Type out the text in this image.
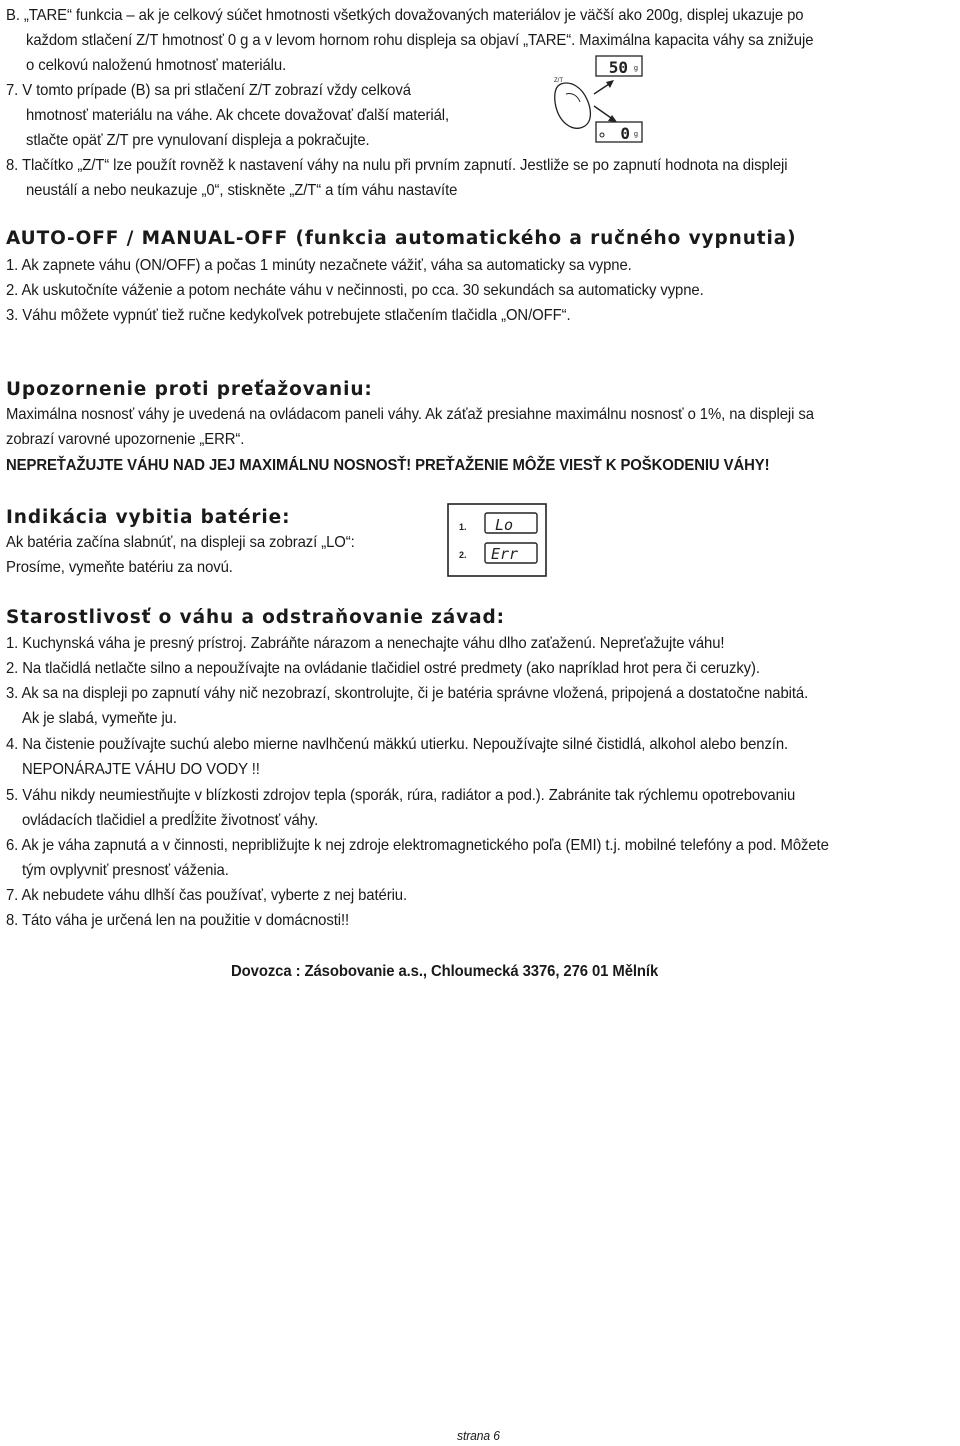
B. „TARE“ funkcia – ak je celkový súčet hmotnosti všetkých dovažovaných materiálov je väčší ako 200g, displej ukazuje po
každom stlačení Z/T hmotnosť 0 g a v levom hornom rohu displeja sa objaví „TARE“. Maximálna kapacita váhy sa znižuje
o celkovú naloženú hmotnosť materiálu.
7. V tomto prípade (B) sa pri stlačení Z/T zobrazí vždy celková
hmotnosť materiálu na váhe. Ak chcete dovažovať ďalší materiál,
stlačte opäť Z/T pre vynulovaní displeja a pokračujte.
8. Tlačítko „Z/T“ lze použít rovněž k nastavení váhy na nulu při prvním zapnutí. Jestliže se po zapnutí hodnota na displeji
neustálí a nebo neukazuje „0“, stiskněte „Z/T“ a tím váhu nastavíte
50 g
Z/T
0 g
AUTO-OFF / MANUAL-OFF (funkcia automatického a ručného vypnutia)
1. Ak zapnete váhu (ON/OFF) a počas 1 minúty nezačnete vážiť, váha sa automaticky sa vypne.
2. Ak uskutočníte váženie a potom necháte váhu v nečinnosti, po cca. 30 sekundách sa automaticky vypne.
3. Váhu môžete vypnúť tiež ručne kedykoľvek potrebujete stlačením tlačidla „ON/OFF“.
Upozornenie proti preťažovaniu:
Maximálna nosnosť váhy je uvedená na ovládacom paneli váhy. Ak záťaž presiahne maximálnu nosnosť o 1%, na displeji sa
zobrazí varovné upozornenie „ERR“.
NEPREŤAŽUJTE VÁHU NAD JEJ MAXIMÁLNU NOSNOSŤ! PREŤAŽENIE MÔŽE VIESŤ K POŠKODENIU VÁHY!
Indikácia vybitia batérie:
Ak batéria začína slabnúť, na displeji sa zobrazí „LO“:
Prosíme, vymeňte batériu za novú.
1. Lo
2. Err
Starostlivosť o váhu a odstraňovanie závad:
1. Kuchynská váha je presný prístroj. Zabráňte nárazom a nenechajte váhu dlho zaťaženú. Nepreťažujte váhu!
2. Na tlačidlá netlačte silno a nepoužívajte na ovládanie tlačidiel ostré predmety (ako napríklad hrot pera či ceruzky).
3. Ak sa na displeji po zapnutí váhy nič nezobrazí, skontrolujte, či je batéria správne vložená, pripojená a dostatočne nabitá.
Ak je slabá, vymeňte ju.
4. Na čistenie používajte suchú alebo mierne navlhčenú mäkkú utierku. Nepoužívajte silné čistidlá, alkohol alebo benzín.
NEPONÁRAJTE VÁHU DO VODY !!
5. Váhu nikdy neumiestňujte v blízkosti zdrojov tepla (sporák, rúra, radiátor a pod.). Zabránite tak rýchlemu opotrebovaniu
ovládacích tlačidiel a predĺžite životnosť váhy.
6. Ak je váha zapnutá a v činnosti, nepribližujte k nej zdroje elektromagnetického poľa (EMI) t.j. mobilné telefóny a pod. Môžete
tým ovplyvniť presnosť váženia.
7. Ak nebudete váhu dlhší čas používať, vyberte z nej batériu.
8. Táto váha je určená len na použitie v domácnosti!!
Dovozca : Zásobovanie a.s., Chloumecká 3376, 276 01 Mělník
strana 6
